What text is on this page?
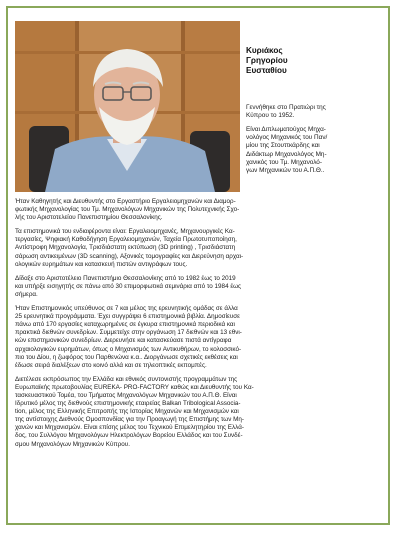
Κυριάκος
Γρηγορίου
Ευσταθίου
Γεννήθηκε στο Πρατιώρι της
Κύπρου το 1952.
Είναι Διπλωματούχος Μηχα-
νολόγος Μηχανικός του Παν/
μίου της Στουττκάρδης και
Διδάκτωρ Μηχανολόγος Μη-
χανικός του Τμ. Μηχανολό-
γων Μηχανικών του Α.Π.Θ..

Ήταν Καθηγητής και Διευθυντής στο Εργαστήριο Εργαλειομηχανών και Διαμορ-
φωτικής Μηχανολογίας του Τμ. Μηχανολόγων Μηχανικών της Πολυτεχνικής Σχο-
λής του Αριστοτελείου Πανεπιστημίου Θεσσαλονίκης.

Τα επιστημονικά του ενδιαφέροντα είναι: Εργαλειομηχανές, Μηχανουργικές Κα-
τεργασίες, Ψηφιακή Καθοδήγηση Εργαλειομηχανών, Ταχεία Πρωτοτυποποίηση,
Αντίστροφη Μηχανολογία, Τρισδιάστατη εκτύπωση (3D printing) , Τρισδιάστατη
σάρωση αντικειμένων (3D scanning), Αξονικές τομογραφίες και Διερεύνηση αρχαι-
ολογικών ευρημάτων και κατασκευή πιστών αντιγράφων τους.

Δίδαξε στο Αριστοτέλειο Πανεπιστήμιο Θεσσαλονίκης από το 1982 έως το 2019
και υπήρξε εισηγητής σε πάνω από 30 επιμορφωτικά σεμινάρια από το 1984 έως
σήμερα.

Ήταν Επιστημονικός υπεύθυνος σε 7 και μέλος της ερευνητικής ομάδας σε άλλα
25 ερευνητικά προγράμματα. Έχει συγγράψει 6 επιστημονικά βιβλία. Δημοσίευσε
πάνω από 170 εργασίες καταχωρημένες σε έγκυρα επιστημονικά περιοδικά και
πρακτικά διεθνών συνεδρίων. Συμμετείχε στην οργάνωση 17 διεθνών και 13 εθνι-
κών επιστημονικών συνεδρίων. Διερευνήσε και κατασκεύασε πιστά αντίγραφα
αρχαιολογικών ευρημάτων, όπως ο Μηχανισμός των Αντικυθήρων, το κολοσσικό-
πιο του Δίου, η ζωφόρος του Παρθενώνα κ.α.. Διοργάνωσε σχετικές εκθέσεις και
έδωσε σειρά διαλέξεων στο κοινό αλλά και σε τηλεοπτικές εκπομπές.

Διετέλεσε εκπρόσωπος την Ελλάδα και εθνικός συντονιστής προγραμμάτων της
Ευρωπαϊκής πρωτοβουλίας EUREKA- PRO-FACTORY καθώς και Διευθυντής του Κα-
τασκευαστικού Τομέα, του Τμήματος Μηχανολόγων Μηχανικών του Α.Π.Θ. Είναι
Ιδρυτικό μέλος της διεθνούς επιστημονικής εταιρείας Balkan Tribological Associa-
tion, μέλος της Ελληνικής Επιτροπής της Ιστορίας Μηχανών και Μηχανισμών και
της αντίστοιχης Διεθνούς Ομοσπονδίας για την Προαγωγή της Επιστήμης των Μη-
χανών και Μηχανισμών. Είναι επίσης μέλος του Τεχνικού Επιμελητηρίου της Ελλά-
δος, του Συλλόγου Μηχανολόγων Ηλεκτρολόγων Βορείου Ελλάδος και του Συνδέ-
σμου Μηχανολόγων Μηχανικών Κύπρου.
